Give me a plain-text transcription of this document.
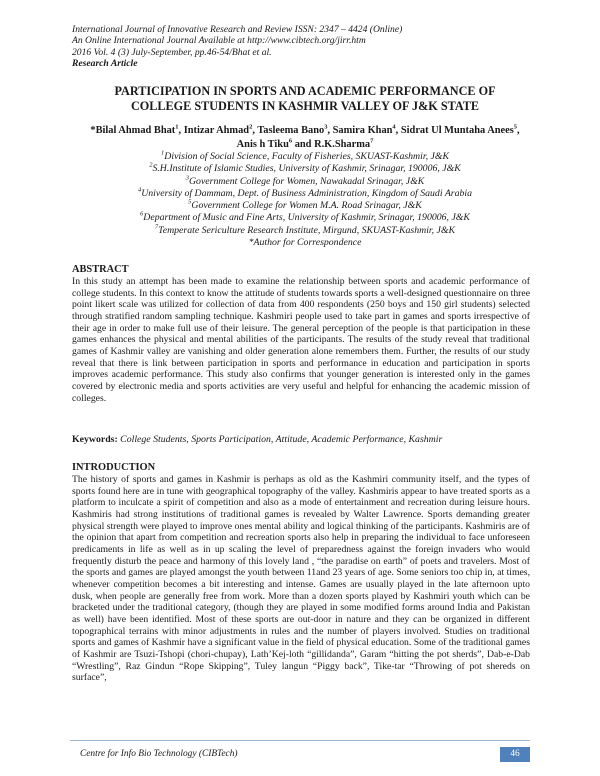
International Journal of Innovative Research and Review ISSN: 2347 – 4424 (Online)
An Online International Journal Available at http://www.cibtech.org/jirr.htm
2016 Vol. 4 (3) July-September, pp.46-54/Bhat et al.
Research Article
PARTICIPATION IN SPORTS AND ACADEMIC PERFORMANCE OF
COLLEGE STUDENTS IN KASHMIR VALLEY OF J&K STATE
*Bilal Ahmad Bhat$^1$, Intizar Ahmad$^2$, Tasleema Bano$^3$, Samira Khan$^4$, Sidrat Ul Muntaha Anees$^5$,
Anis h Tiku$^6$ and R.K.Sharma$^7$
$^1$Division of Social Science, Faculty of Fisheries, SKUAST-Kashmir, J&K
$^2$S.H.Institute of Islamic Studies, University of Kashmir, Srinagar, 190006, J&K
$^3$Government College for Women, Nawakadal Srinagar, J&K
$^4$University of Dammam, Dept. of Business Administration, Kingdom of Saudi Arabia
$^5$Government College for Women M.A. Road Srinagar, J&K
$^6$Department of Music and Fine Arts, University of Kashmir, Srinagar, 190006, J&K
$^7$Temperate Sericulture Research Institute, Mirgund, SKUAST-Kashmir, J&K
*Author for Correspondence
ABSTRACT
In this study an attempt has been made to examine the relationship between sports and academic performance of college students. In this context to know the attitude of students towards sports a well-designed questionnaire on three point likert scale was utilized for collection of data from 400 respondents (250 boys and 150 girl students) selected through stratified random sampling technique. Kashmiri people used to take part in games and sports irrespective of their age in order to make full use of their leisure. The general perception of the people is that participation in these games enhances the physical and mental abilities of the participants. The results of the study reveal that traditional games of Kashmir valley are vanishing and older generation alone remembers them. Further, the results of our study reveal that there is link between participation in sports and performance in education and participation in sports improves academic performance. This study also confirms that younger generation is interested only in the games covered by electronic media and sports activities are very useful and helpful for enhancing the academic mission of colleges.
Keywords: College Students, Sports Participation, Attitude, Academic Performance, Kashmir
INTRODUCTION
The history of sports and games in Kashmir is perhaps as old as the Kashmiri community itself, and the types of sports found here are in tune with geographical topography of the valley. Kashmiris appear to have treated sports as a platform to inculcate a spirit of competition and also as a mode of entertainment and recreation during leisure hours. Kashmiris had strong institutions of traditional games is revealed by Walter Lawrence. Sports demanding greater physical strength were played to improve ones mental ability and logical thinking of the participants. Kashmiris are of the opinion that apart from competition and recreation sports also help in preparing the individual to face unforeseen predicaments in life as well as in up scaling the level of preparedness against the foreign invaders who would frequently disturb the peace and harmony of this lovely land , “the paradise on earth” of poets and travelers. Most of the sports and games are played amongst the youth between 11and 23 years of age. Some seniors too chip in, at times, whenever competition becomes a bit interesting and intense. Games are usually played in the late afternoon upto dusk, when people are generally free from work. More than a dozen sports played by Kashmiri youth which can be bracketed under the traditional category, (though they are played in some modified forms around India and Pakistan as well) have been identified. Most of these sports are out-door in nature and they can be organized in different topographical terrains with minor adjustments in rules and the number of players involved. Studies on traditional sports and games of Kashmir have a significant value in the field of physical education. Some of the traditional games of Kashmir are Tsuzi-Tshopi (chori-chupay), Lath’Kej-loth “gillidanda”, Garam “hitting the pot sherds”, Dab-e-Dab “Wrestling”, Raz Gindun “Rope Skipping”, Tuley langun “Piggy back”, Tike-tar “Throwing of pot shereds on surface”,
Centre for Info Bio Technology (CIBTech)	46
